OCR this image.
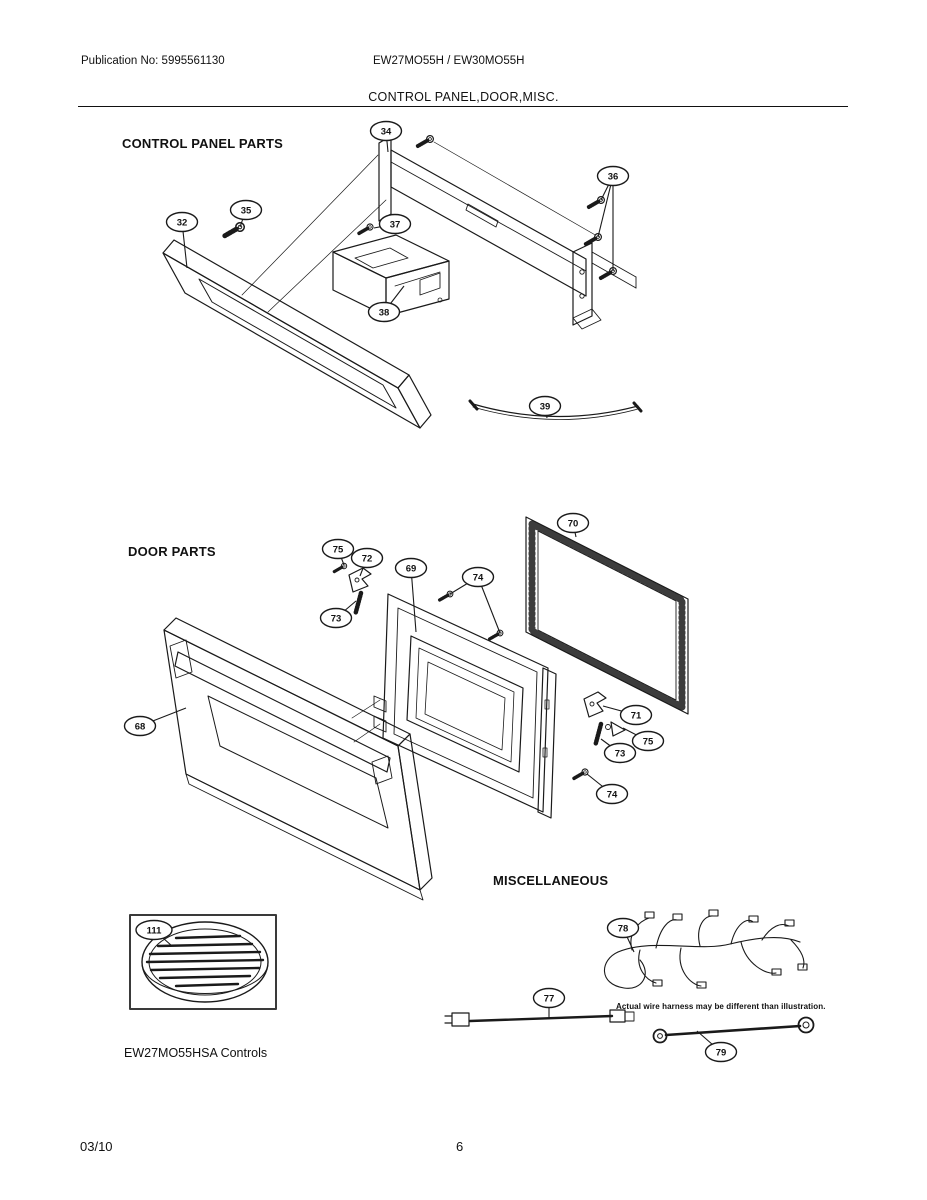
Publication No: 5995561130	EW27MO55H / EW30MO55H
CONTROL PANEL,DOOR,MISC.
CONTROL PANEL PARTS
DOOR PARTS
MISCELLANEOUS
Actual wire harness may be different than illustration.
EW27MO55HSA Controls
03/10	6
34
36
32
35
37
38
39
70
75
72
69
74
73
68
71
75
73
74
78
77
79
111
